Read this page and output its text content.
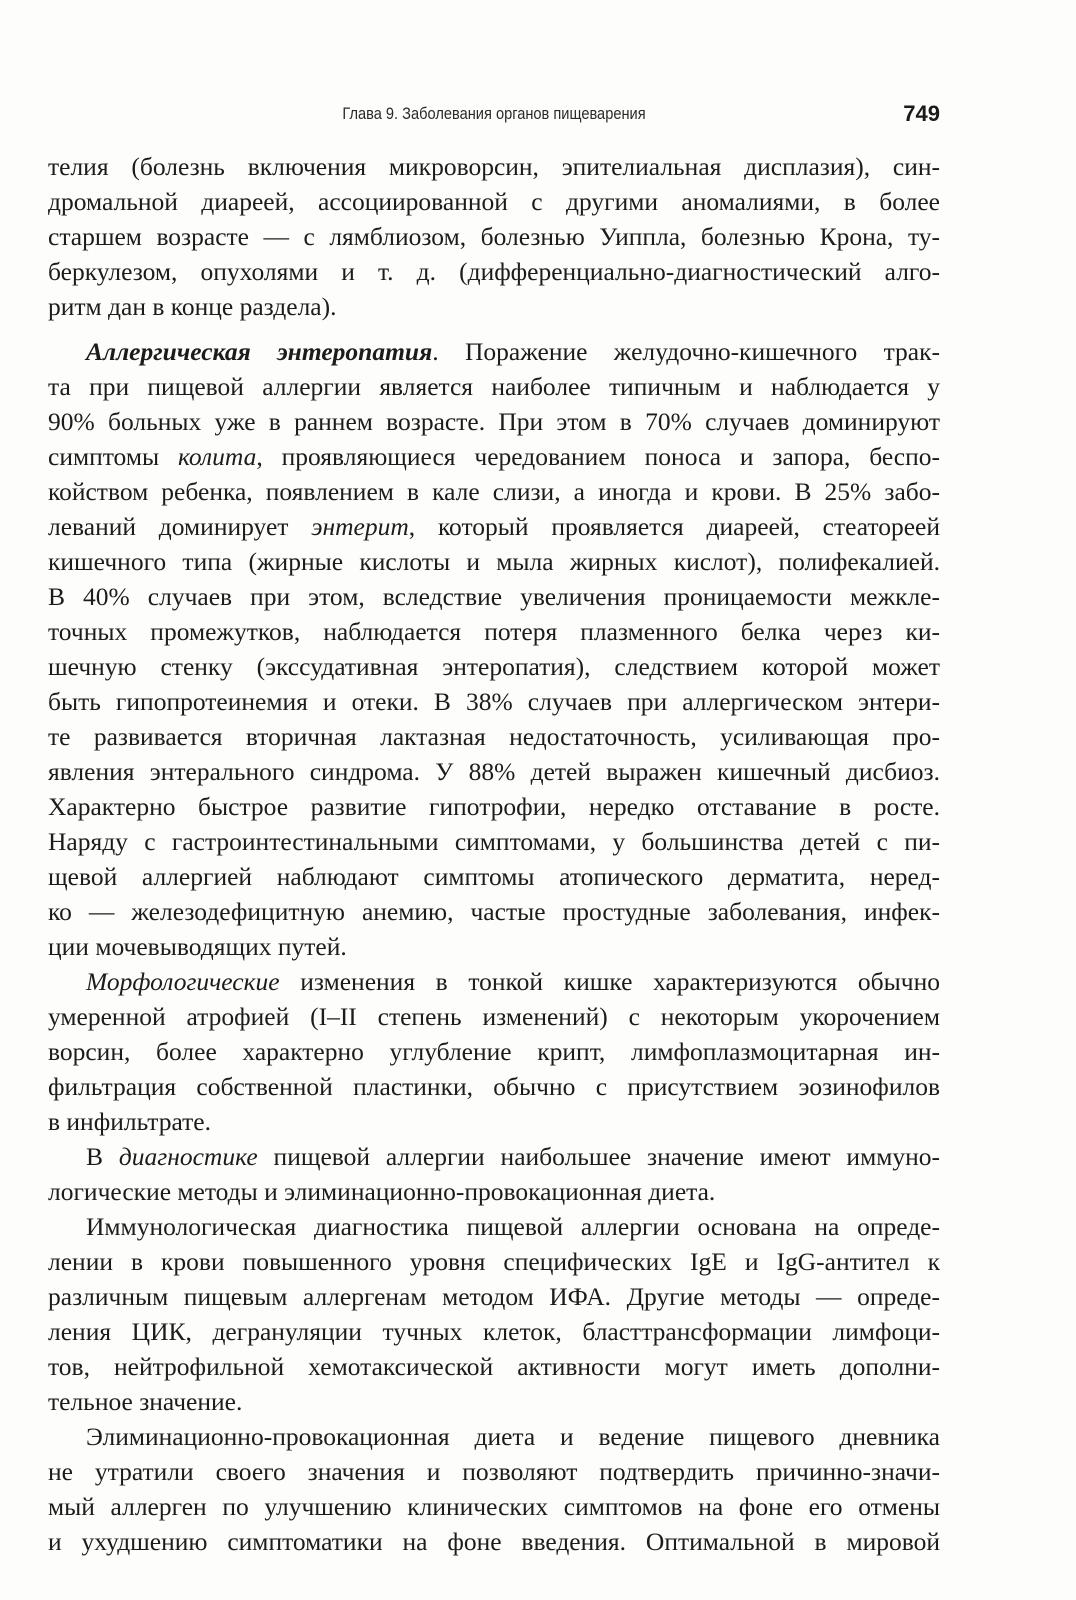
Глава 9. Заболевания органов пищеварения	749
телия (болезнь включения микроворсин, эпителиальная дисплазия), син-
дромальной диареей, ассоциированной с другими аномалиями, в более
старшем возрасте — с лямблиозом, болезнью Уиппла, болезнью Крона, ту-
беркулезом, опухолями и т. д. (дифференциально-диагностический алго-
ритм дан в конце раздела).
Аллергическая энтеропатия. Поражение желудочно-кишечного трак-
та при пищевой аллергии является наиболее типичным и наблюдается у
90% больных уже в раннем возрасте. При этом в 70% случаев доминируют
симптомы колита, проявляющиеся чередованием поноса и запора, беспо-
койством ребенка, появлением в кале слизи, а иногда и крови. В 25% забо-
леваний доминирует энтерит, который проявляется диареей, стеатореей
кишечного типа (жирные кислоты и мыла жирных кислот), полифекалией.
В 40% случаев при этом, вследствие увеличения проницаемости межкле-
точных промежутков, наблюдается потеря плазменного белка через ки-
шечную стенку (экссудативная энтеропатия), следствием которой может
быть гипопротеинемия и отеки. В 38% случаев при аллергическом энтери-
те развивается вторичная лактазная недостаточность, усиливающая про-
явления энтерального синдрома. У 88% детей выражен кишечный дисбиоз.
Характерно быстрое развитие гипотрофии, нередко отставание в росте.
Наряду с гастроинтестинальными симптомами, у большинства детей с пи-
щевой аллергией наблюдают симптомы атопического дерматита, неред-
ко — железодефицитную анемию, частые простудные заболевания, инфек-
ции мочевыводящих путей.
Морфологические изменения в тонкой кишке характеризуются обычно
умеренной атрофией (I–II степень изменений) с некоторым укорочением
ворсин, более характерно углубление крипт, лимфоплазмоцитарная ин-
фильтрация собственной пластинки, обычно с присутствием эозинофилов
в инфильтрате.
В диагностике пищевой аллергии наибольшее значение имеют иммуно-
логические методы и элиминационно-провокационная диета.
Иммунологическая диагностика пищевой аллергии основана на опреде-
лении в крови повышенного уровня специфических IgE и IgG-антител к
различным пищевым аллергенам методом ИФА. Другие методы — опреде-
ления ЦИК, дегрануляции тучных клеток, бласттрансформации лимфоци-
тов, нейтрофильной хемотаксической активности могут иметь дополни-
тельное значение.
Элиминационно-провокационная диета и ведение пищевого дневника
не утратили своего значения и позволяют подтвердить причинно-значи-
мый аллерген по улучшению клинических симптомов на фоне его отмены
и ухудшению симптоматики на фоне введения. Оптимальной в мировой
